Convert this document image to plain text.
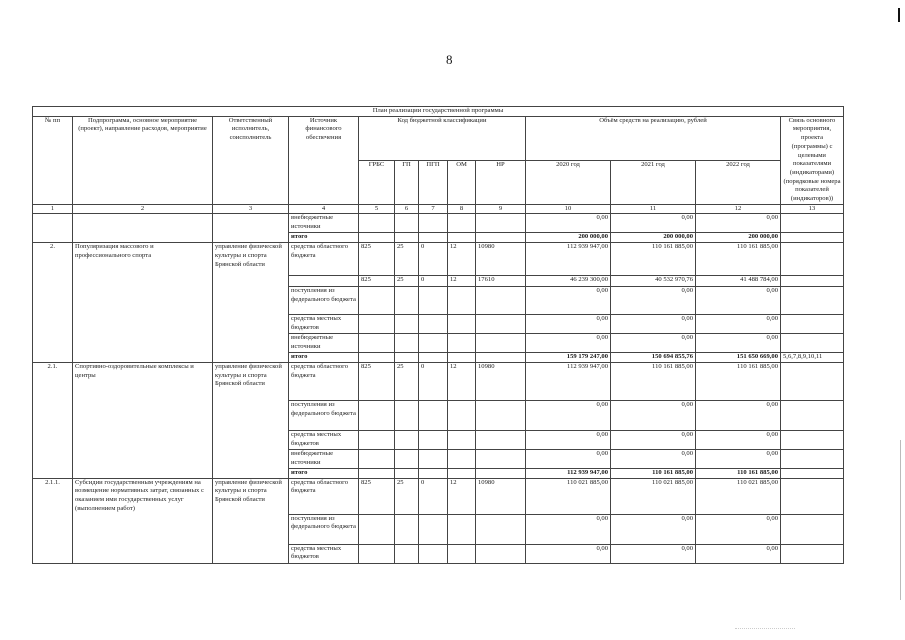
8
План реализации государственной программы												
№ пп	Подпрограмма, основное мероприятие (проект), направление расходов, мероприятие	Ответственный исполнитель, соисполнитель	Источник финансового обеспечения	Код бюджетной классификации					Объём средств на реализацию, рублей			Связь основного мероприятия, проекта (программы) с целевыми показателями (индикаторами) (порядковые номера показателей (индикаторов))
				ГРБС	ГП	ПГП	ОМ	НР	2020 год	2021 год	2022 год	
1	2	3	4	5	6	7	8	9	10	11	12	13
			внебюджетные источники						0,00	0,00	0,00	
			итого						200 000,00	200 000,00	200 000,00	
2.	Популяризация массового и профессионального спорта	управление физической культуры и спорта Брянской области	средства областного бюджета	825	25	0	12	10980	112 939 947,00	110 161 885,00	110 161 885,00	
				825	25	0	12	17610	46 239 300,00	40 532 970,76	41 488 784,00	
			поступления из федерального бюджета						0,00	0,00	0,00	
			средства местных бюджетов						0,00	0,00	0,00	
			внебюджетные источники						0,00	0,00	0,00	
			итого						159 179 247,00	150 694 855,76	151 650 669,00	5,6,7,8,9,10,11
2.1.	Спортивно-оздоровительные комплексы и центры	управление физической культуры и спорта Брянской области	средства областного бюджета	825	25	0	12	10980	112 939 947,00	110 161 885,00	110 161 885,00	
			поступления из федерального бюджета						0,00	0,00	0,00	
			средства местных бюджетов						0,00	0,00	0,00	
			внебюджетные источники						0,00	0,00	0,00	
			итого						112 939 947,00	110 161 885,00	110 161 885,00	
2.1.1.	Субсидии государственным учреждениям на возмещение нормативных затрат, связанных с оказанием ими государственных услуг (выполнением работ)	управление физической культуры и спорта Брянской области	средства областного бюджета	825	25	0	12	10980	110 021 885,00	110 021 885,00	110 021 885,00	
			поступления из федерального бюджета						0,00	0,00	0,00	
			средства местных бюджетов						0,00	0,00	0,00	
